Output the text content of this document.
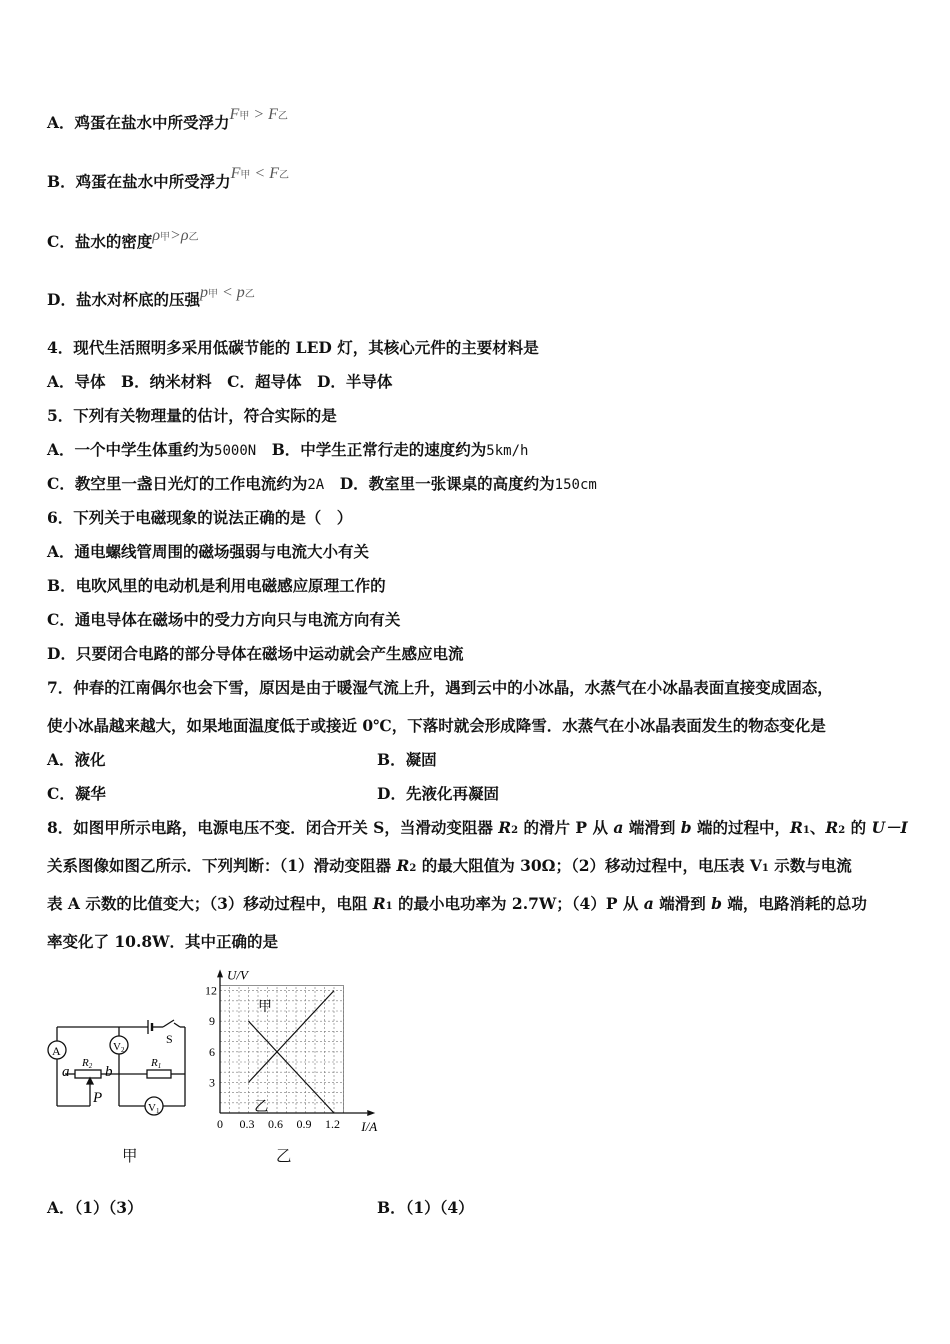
A．鸡蛋在盐水中所受浮力F甲 > F乙
B．鸡蛋在盐水中所受浮力F甲 < F乙
C．盐水的密度ρ甲>ρ乙
D．盐水对杯底的压强p甲 < p乙
4．现代生活照明多采用低碳节能的 LED 灯，其核心元件的主要材料是
A．导体　B．纳米材料　C．超导体　D．半导体
5．下列有关物理量的估计，符合实际的是
A．一个中学生体重约为5000N　B．中学生正常行走的速度约为5km/h
C．教空里一盏日光灯的工作电流约为2A　D．教室里一张课桌的高度约为150cm
6．下列关于电磁现象的说法正确的是（　）
A．通电螺线管周围的磁场强弱与电流大小有关
B．电吹风里的电动机是利用电磁感应原理工作的
C．通电导体在磁场中的受力方向只与电流方向有关
D．只要闭合电路的部分导体在磁场中运动就会产生感应电流
7．仲春的江南偶尔也会下雪，原因是由于暖湿气流上升，遇到云中的小冰晶，水蒸气在小冰晶表面直接变成固态，
使小冰晶越来越大，如果地面温度低于或接近 0℃，下落时就会形成降雪．水蒸气在小冰晶表面发生的物态变化是
A．液化	B．凝固
C．凝华	D．先液化再凝固
8．如图甲所示电路，电源电压不变．闭合开关 S，当滑动变阻器 R2 的滑片 P 从 a 端滑到 b 端的过程中，R1、R2 的 U－I
关系图像如图乙所示．下列判断：（1）滑动变阻器 R2 的最大阻值为 30Ω；（2）移动过程中，电压表 V1 示数与电流
表 A 示数的比值变大；（3）移动过程中，电阻 R1 的最小电功率为 2.7W；（4）P 从 a 端滑到 b 端，电路消耗的总功
率变化了 10.8W．其中正确的是
A	V2
V1
R2	R1
a b
P
S
甲
0 0.3 0.6 0.9 1.2
3
6
9
12
I/A
U/V
甲
乙
乙
A．（1）（3）	B．（1）（4）
